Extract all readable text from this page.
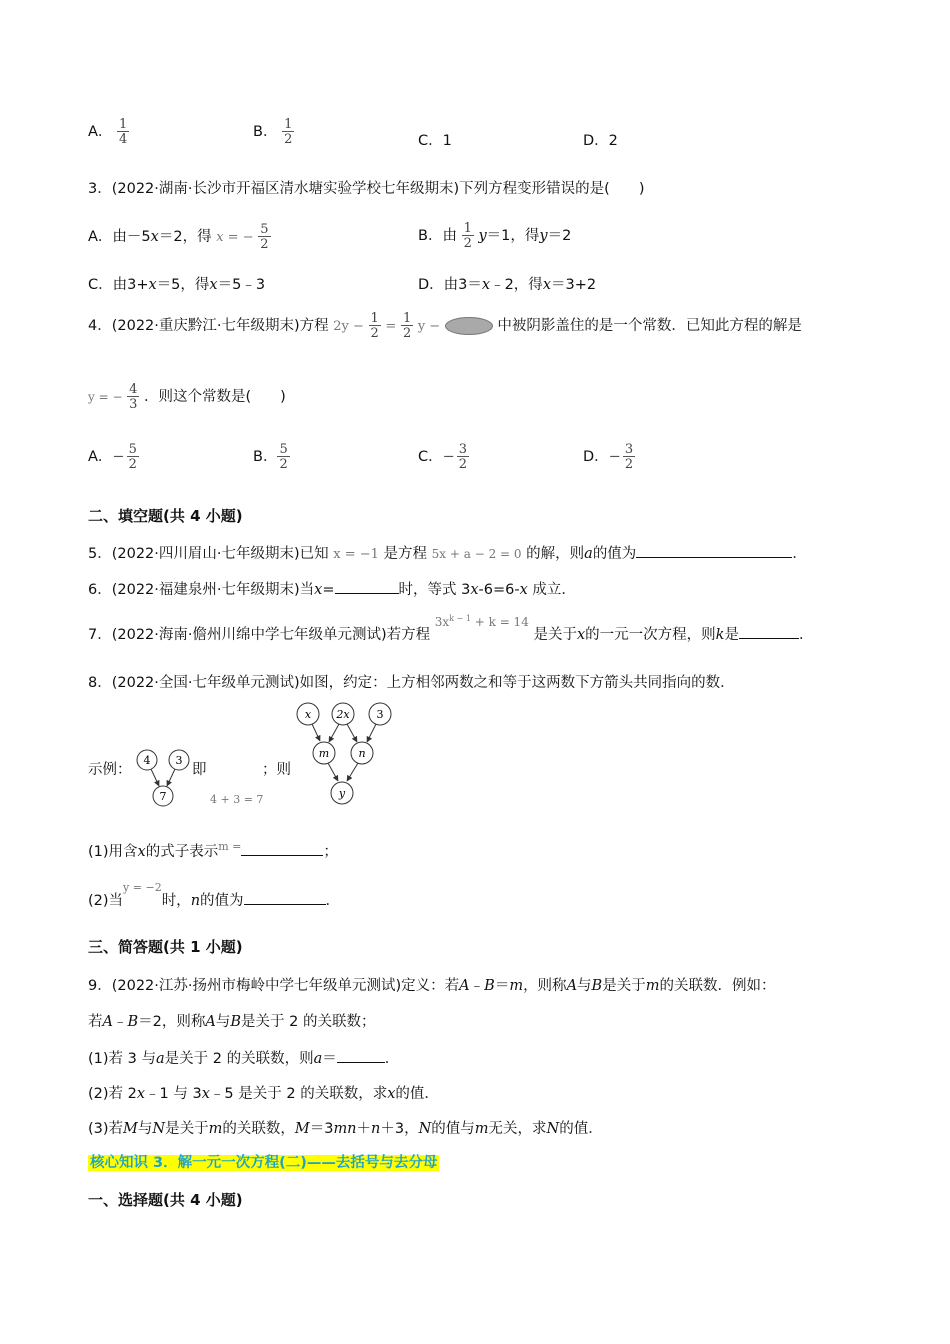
A． $\frac{1}{4}$	B． $\frac{1}{2}$	C．1	D．2
3．(2022·湖南·长沙市开福区清水塘实验学校七年级期末)下列方程变形错误的是(　　)
A．由－5x＝2，得 x = − $\frac{5}{2}$	B．由 $\frac{1}{2} y=1$，得y＝2
C．由3+x＝5，得x＝5﹣3	D．由3＝x﹣2，得x＝3+2
4．(2022·重庆黔江·七年级期末)方程 $2y - \frac{1}{2} = \frac{1}{2}$ y −	中被阴影盖住的是一个常数．已知此方程的解是
y = − $\frac{4}{3}$ ．则这个常数是(　　)
A．− $\frac{5}{2}$	B． $\frac{5}{2}$	C．− $\frac{3}{2}$	D．− $\frac{3}{2}$
二、填空题(共 4 小题)
5．(2022·四川眉山·七年级期末)已知 x = −1 是方程 5x + a − 2 = 0 的解，则a的值为	．
6．(2022·福建泉州·七年级期末)当x=	时，等式 3x-6=6-x 成立．
7．(2022·海南·儋州川绵中学七年级单元测试)若方程 $3x^{k - 1} + k = 14$ 是关于x的一元一次方程，则k是	．
8．(2022·全国·七年级单元测试)如图，约定：上方相邻两数之和等于这两数下方箭头共同指向的数．
示例：	即
4 + 3 = 7
；则
4 3
7
x 2x 3
m	n
y
(1)用含x的式子表示$^{m =}$	；
(2)当$^{y = -2}$时，n的值为	．
三、简答题(共 1 小题)
9．(2022·江苏·扬州市梅岭中学七年级单元测试)定义：若A﹣B＝m，则称A与B是关于m的关联数．例如：
若A﹣B＝2，则称A与B是关于 2 的关联数；
(1)若 3 与a是关于 2 的关联数，则a＝	．
(2)若 2x﹣1 与 3x﹣5 是关于 2 的关联数，求x的值．
(3)若M与N是关于m的关联数，M＝3mn＋n＋3，N的值与m无关，求N的值．
核心知识 3．解一元一次方程(二)——去括号与去分母
一、选择题(共 4 小题)
